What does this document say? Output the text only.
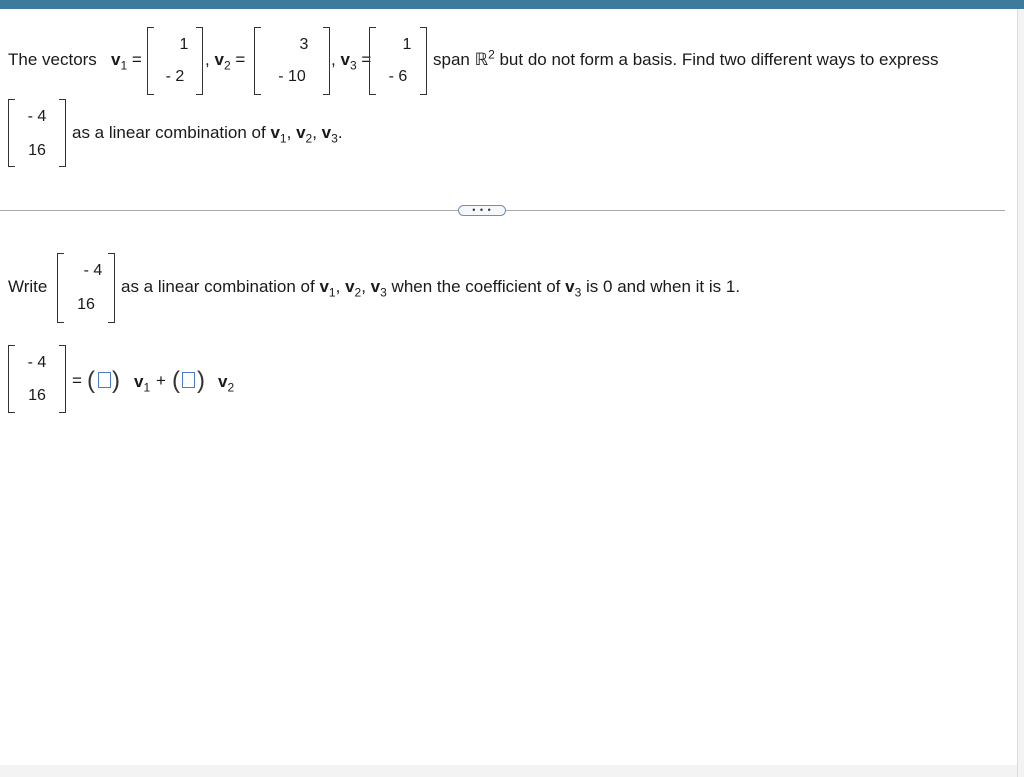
The vectors $v_1$ =
1
- 2
, $v_2$ =
3
- 10
, $v_3$ =
1
- 6
span ℝ$^2$ but do not form a basis. Find two different ways to express
- 4
16
as a linear combination of $v_1$, $v_2$, $v_3$.
• • •
Write
- 4
16
as a linear combination of $v_1$, $v_2$, $v_3$ when the coefficient of $v_3$ is 0 and when it is 1.
- 4
16
= ( ) $v_1$ + ( ) $v_2$
